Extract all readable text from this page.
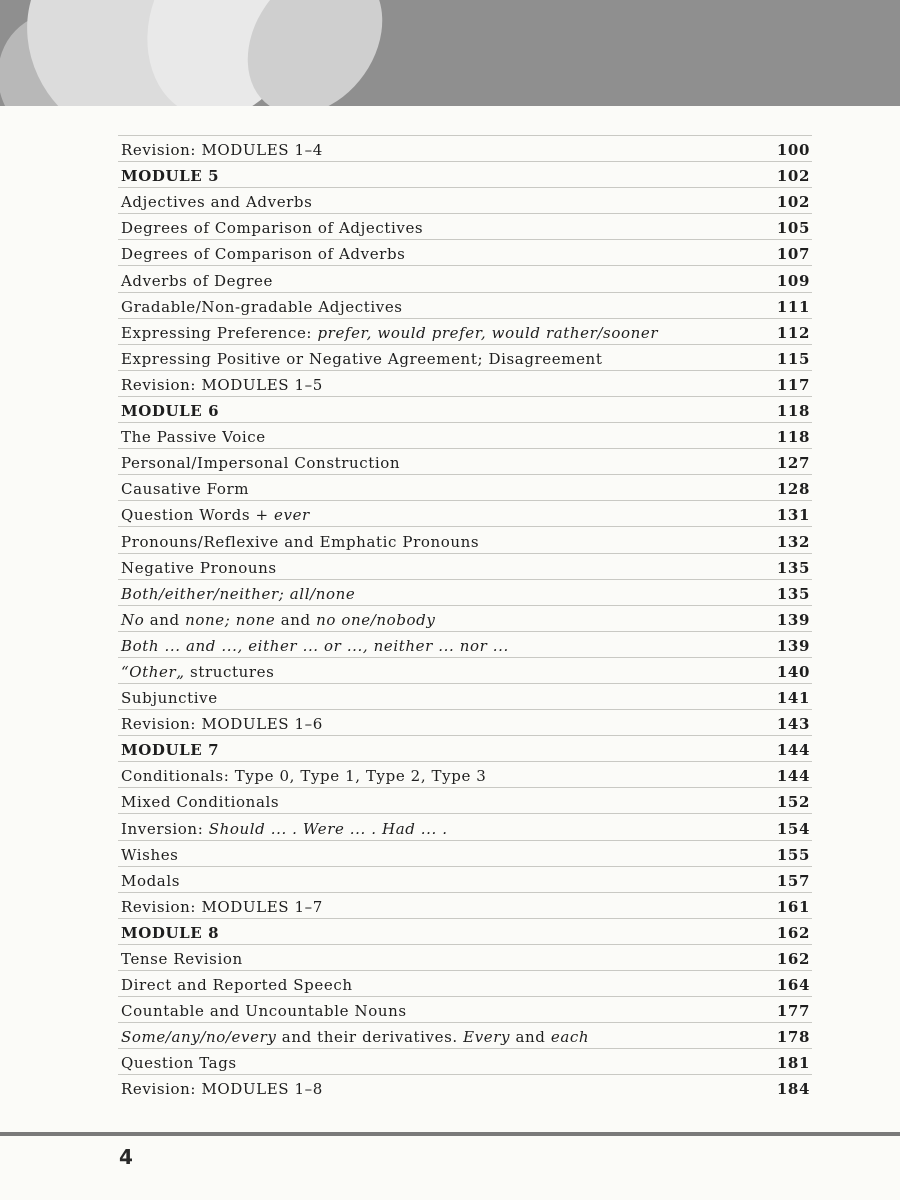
Revision: MODULES 1–4	100
MODULE 5	102
Adjectives and Adverbs	102
Degrees of Comparison of Adjectives	105
Degrees of Comparison of Adverbs	107
Adverbs of Degree	109
Gradable/Non-gradable Adjectives	111
Expressing Preference: prefer, would prefer, would rather/sooner	112
Expressing Positive or Negative Agreement; Disagreement	115
Revision: MODULES 1–5	117
MODULE 6	118
The Passive Voice	118
Personal/Impersonal Construction	127
Causative Form	128
Question Words + ever	131
Pronouns/Reflexive and Emphatic Pronouns	132
Negative Pronouns	135
Both/either/neither; all/none	135
No and none; none and no one/nobody	139
Both ... and ..., either ... or ..., neither ... nor ...	139
“Other„ structures	140
Subjunctive	141
Revision: MODULES 1–6	143
MODULE 7	144
Conditionals: Type 0, Type 1, Type 2, Type 3	144
Mixed Conditionals	152
Inversion: Should ... . Were ... . Had ... .	154
Wishes	155
Modals	157
Revision: MODULES 1–7	161
MODULE 8	162
Tense Revision	162
Direct and Reported Speech	164
Countable and Uncountable Nouns	177
Some/any/no/every and their derivatives. Every and each	178
Question Tags	181
Revision: MODULES 1–8	184
4
